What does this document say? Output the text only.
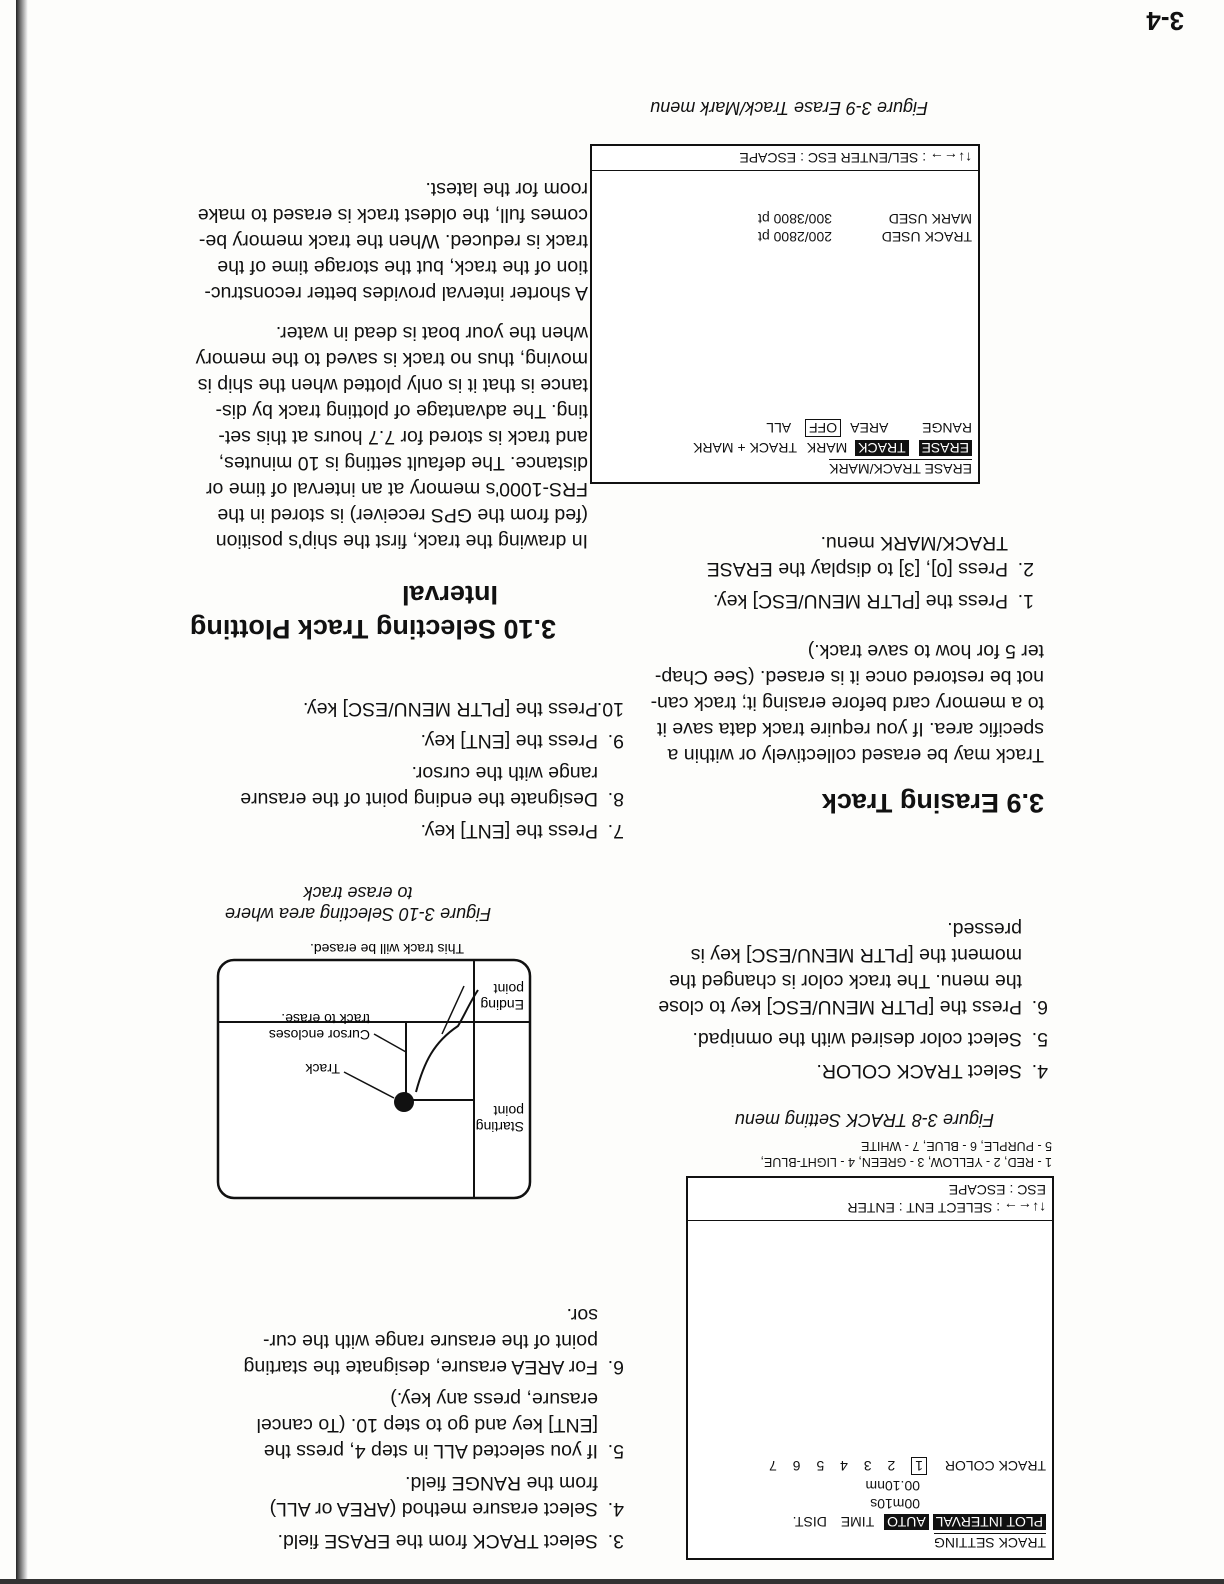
3.
Select TRACK from the ERASE field.
4.
Select erasure method (AREA or ALL)
from the RANGE field.
5.
If you selected ALL in step 4, press the
[ENT] key and go to step 10. (To cancel
erasure, press any key.)
6.
For AREA erasure, designate the starting
point of the erasure range with the cur-
sor.
Starting
point
Ending
point
Track
Cursor encloses
track to erase.
This track will be erased.
Figure 3-10 Selecting area where
to erase track
7.
Press the [ENT] key.
8.
Designate the ending point of the erasure
range with the cursor.
9.
Press the [ENT] key.
10.
Press the [PLTR MENU/ESC] key.
3.10 Selecting Track Plotting
Interval
In drawing the track, first the ship's position
(fed from the GPS receiver) is stored in the
FRS-1000's memory at an interval of time or
distance. The default setting is 10 minutes,
and track is stored for 7.7 hours at this set-
ting. The advantage of plotting track by dis-
tance is that it is only plotted when the ship is
moving, thus no track is saved to the memory
when the your boat is dead in water.
A shorter interval provides better reconstruc-
tion of the track, but the storage time of the
track is reduced. When the track memory be-
comes full, the oldest track is erased to make
room for the latest.
TRACK SETTING
PLOT INTERVAL AUTO TIME DIST.
00m10s
00.10nm
TRACK COLOR 1 2 3 4 5 6 7
↑↓←→ : SELECT ENT : ENTER
ESC : ESCAPE
1 - RED, 2 - YELLOW, 3 - GREEN, 4 - LIGHT-BLUE,
5 - PURPLE, 6 - BLUE, 7 - WHITE
Figure 3-8 TRACK Setting menu
4.
Select TRACK COLOR.
5.
Select color desired with the omnipad.
6.
Press the [PLTR MENU/ESC] key to close
the menu. The track color is changed the
moment the [PLTR MENU/ESC] key is
pressed.
3.9 Erasing Track
Track may be erased collectively or within a
specific area. If you require track data save it
to a memory card before erasing it; track can-
not be restored once it is erased. (See Chap-
ter 5 for how to save track.)
1.
Press the [PLTR MENU/ESC] key.
2.
Press [0], [3] to display the ERASE
TRACK/MARK menu.
ERASE TRACK/MARK
ERASE TRACK MARK TRACK + MARK
RANGE AREA OFF ALL
TRACK USED200/2800 pt
MARK USED300/3800 pt
↑↓←→ : SEL/ENTER ESC : ESCAPE
Figure 3-9 Erase Track/Mark menu
3-4
